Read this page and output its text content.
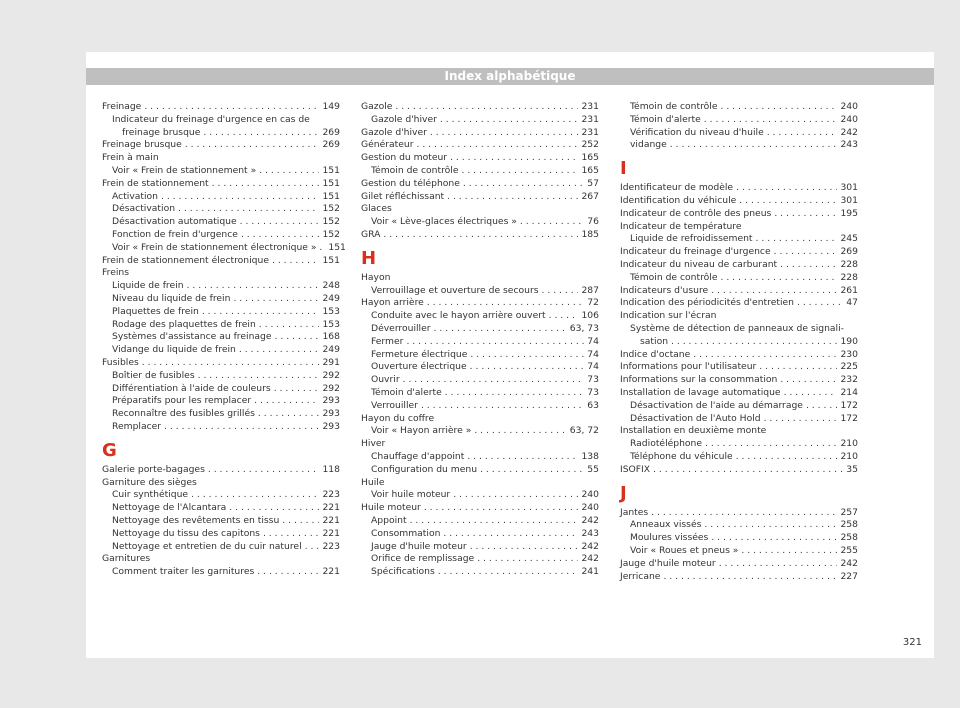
Index alphabétique
Freinage . . .	149
Indicateur du freinage d'urgence en cas de
freinage brusque . . .	269
Freinage brusque . . .	269
Frein à main
Voir « Frein de stationnement » . . .	151
Frein de stationnement . . .	151
Activation . . .	151
Désactivation . . .	152
Désactivation automatique . . .	152
Fonction de frein d'urgence . . .	152
Voir « Frein de stationnement électronique » . 151
Frein de stationnement électronique . . .	151
Freins
Liquide de frein . . .	248
Niveau du liquide de frein . . .	249
Plaquettes de frein . . .	153
Rodage des plaquettes de frein . . .	153
Systèmes d'assistance au freinage . . .	168
Vidange du liquide de frein . . .	249
Fusibles . . .	291
Boîtier de fusibles . . .	292
Différentiation à l'aide de couleurs . . .	292
Préparatifs pour les remplacer . . .	293
Reconnaître des fusibles grillés . . .	293
Remplacer . . .	293
G
Galerie porte-bagages . . .	118
Garniture des sièges
Cuir synthétique . . .	223
Nettoyage de l'Alcantara . . .	221
Nettoyage des revêtements en tissu . . .	221
Nettoyage du tissu des capitons . . .	221
Nettoyage et entretien de du cuir naturel . . . 223
Garnitures
Comment traiter les garnitures . . .	221
Gazole . . .	231
Gazole d'hiver . . .	231
Gazole d'hiver . . .	231
Générateur . . .	252
Gestion du moteur . . .	165
Témoin de contrôle . . .	165
Gestion du téléphone . . .	57
Gilet réfléchissant . . .	267
Glaces
Voir « Lève-glaces électriques » . . .	76
GRA . . .	185
H
Hayon
Verrouillage et ouverture de secours . . .	287
Hayon arrière . . .	72
Conduite avec le hayon arrière ouvert . . .	106
Déverrouiller . . .	63, 73
Fermer . . .	74
Fermeture électrique . . .	74
Ouverture électrique . . .	74
Ouvrir . . .	73
Témoin d'alerte . . .	73
Verrouiller . . .	63
Hayon du coffre
Voir « Hayon arrière » . . .	63, 72
Hiver
Chauffage d'appoint . . .	138
Configuration du menu . . .	55
Huile
Voir huile moteur . . .	240
Huile moteur . . .	240
Appoint . . .	242
Consommation . . .	243
Jauge d'huile moteur . . .	242
Orifice de remplissage . . .	242
Spécifications . . .	241
Témoin de contrôle . . .	240
Témoin d'alerte . . .	240
Vérification du niveau d'huile . . .	242
vidange . . .	243
I
Identificateur de modèle . . .	301
Identification du véhicule . . .	301
Indicateur de contrôle des pneus . . .	195
Indicateur de température
Liquide de refroidissement . . .	245
Indicateur du freinage d'urgence . . .	269
Indicateur du niveau de carburant . . .	228
Témoin de contrôle . . .	228
Indicateurs d'usure . . .	261
Indication des périodicités d'entretien . . .	47
Indication sur l'écran
Système de détection de panneaux de signali-
sation . . .	190
Indice d'octane . . .	230
Informations pour l'utilisateur . . .	225
Informations sur la consommation . . .	232
Installation de lavage automatique . . .	214
Désactivation de l'aide au démarrage . . .	172
Désactivation de l'Auto Hold . . .	172
Installation en deuxième monte
Radiotéléphone . . .	210
Téléphone du véhicule . . .	210
ISOFIX . . .	35
J
Jantes . . .	257
Anneaux vissés . . .	258
Moulures vissées . . .	258
Voir « Roues et pneus » . . .	255
Jauge d'huile moteur . . .	242
Jerricane . . .	227
321
